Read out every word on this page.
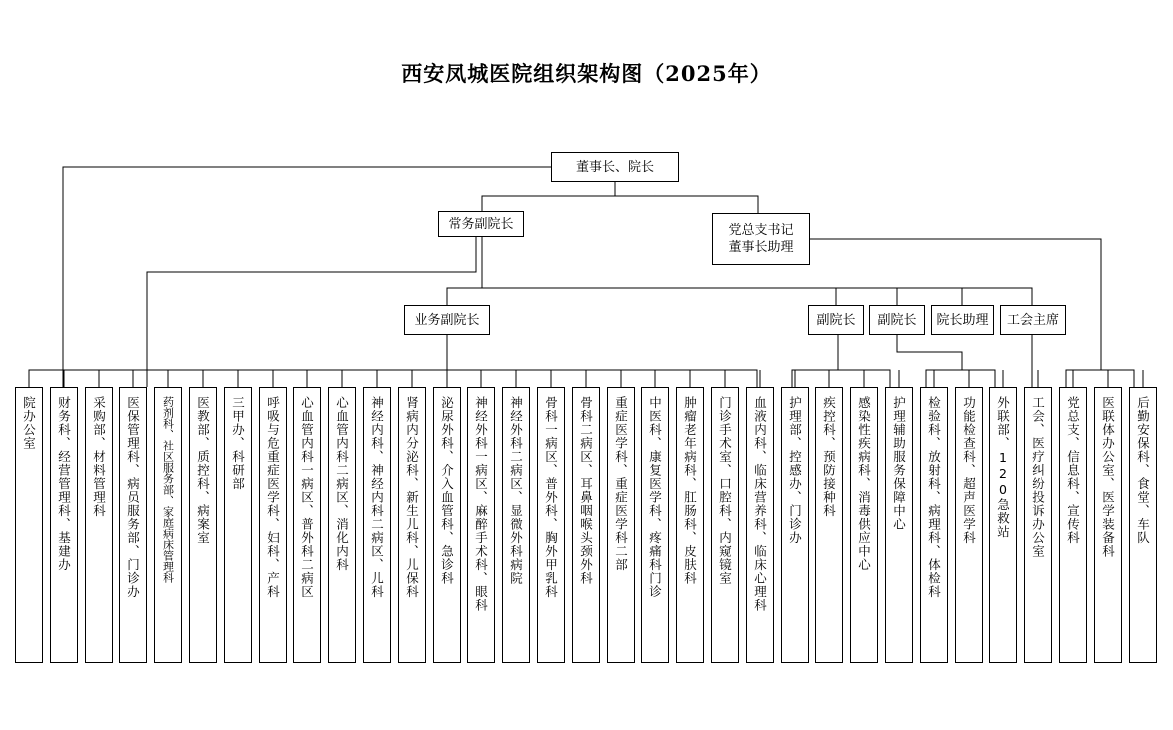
西安凤城医院组织架构图（2025年）
董事长、院长
常务副院长	党总支书记
董事长助理
业务副院长	副院长	副院长	院长助理	工会主席
院办公室	财务科、经营管理科、基建办	采购部、材料管理科	医保管理科、病员服务部、门诊办	药剂科、社区服务部、家庭病床管理科	医教部、质控科、病案室	三甲办、科研部	呼吸与危重症医学科、妇科、产科	心血管内科一病区、普外科二病区	心血管内科二病区、消化内科	神经内科、神经内科二病区、儿科	肾病内分泌科、新生儿科、儿保科	泌尿外科、介入血管科、急诊科	神经外科一病区、麻醉手术科、眼科	神经外科二病区、显微外科病院	骨科一病区、普外科、胸外甲乳科	骨科二病区、耳鼻咽喉头颈外科	重症医学科、重症医学科二部	中医科、康复医学科、疼痛科门诊	肿瘤老年病科、肛肠科、皮肤科	门诊手术室、口腔科、内窥镜室	血液内科、临床营养科、临床心理科	护理部、控感办、门诊办	疾控科、预防接种科	感染性疾病科、消毒供应中心	护理辅助服务保障中心	检验科、放射科、病理科、体检科	功能检查科、超声医学科	外联部、120急救站	工会、医疗纠纷投诉办公室	党总支、信息科、宣传科	医联体办公室、医学装备科	后勤安保科、食堂、车队
